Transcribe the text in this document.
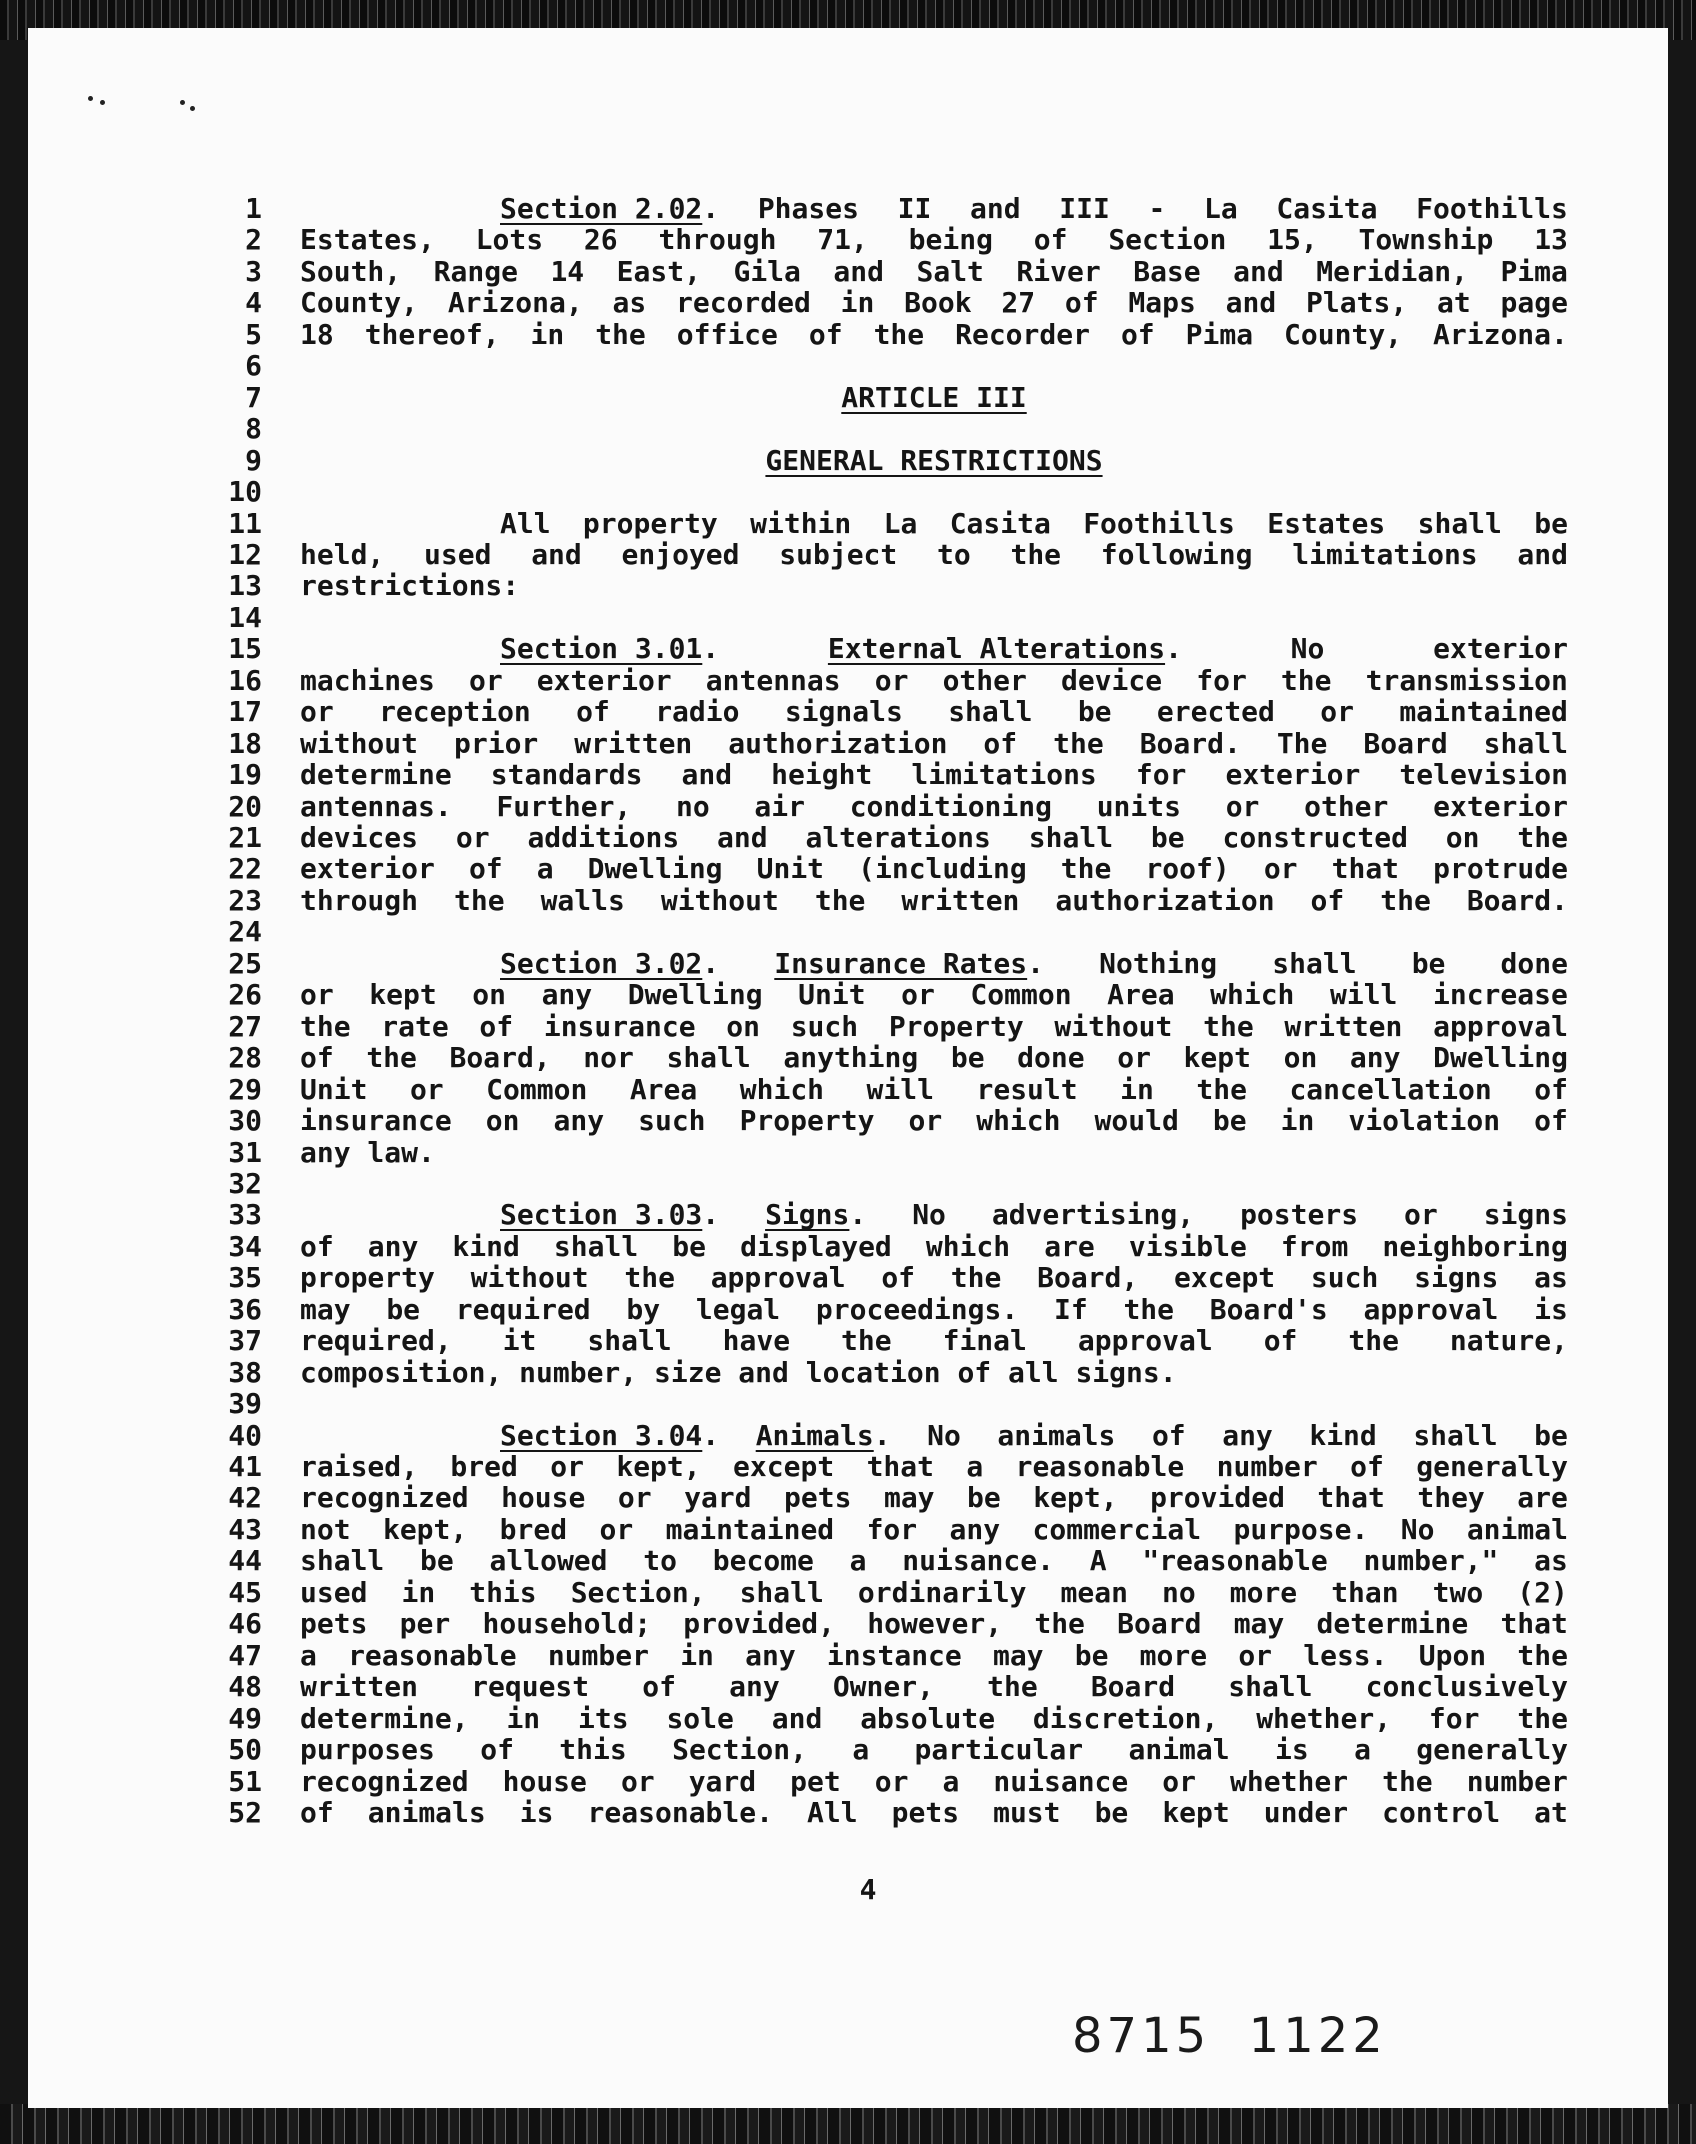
1	Section 2.02. Phases II and III - La Casita Foothills
2 Estates, Lots 26 through 71, being of Section 15, Township 13
3 South, Range 14 East, Gila and Salt River Base and Meridian, Pima
4 County, Arizona, as recorded in Book 27 of Maps and Plats, at page
5 18 thereof, in the office of the Recorder of Pima County, Arizona.
6
7	ARTICLE III
8
9	GENERAL RESTRICTIONS
10
11	All property within La Casita Foothills Estates shall be
12 held, used and enjoyed subject to the following limitations and
13 restrictions:
14
15	Section 3.01.	External Alterations.	No	exterior
16 machines or exterior antennas or other device for the transmission
17 or reception of radio signals shall be erected or maintained
18 without prior written authorization of the Board. The Board shall
19 determine standards and height limitations for exterior television
20 antennas. Further, no air conditioning units or other exterior
21 devices or additions and alterations shall be constructed on the
22 exterior of a Dwelling Unit (including the roof) or that protrude
23 through the walls without the written authorization of the Board.
24
25	Section 3.02. Insurance Rates. Nothing shall be done
26 or kept on any Dwelling Unit or Common Area which will increase
27 the rate of insurance on such Property without the written approval
28 of the Board, nor shall anything be done or kept on any Dwelling
29 Unit or Common Area which will result in the cancellation of
30 insurance on any such Property or which would be in violation of
31 any law.
32
33	Section 3.03. Signs. No advertising, posters or signs
34 of any kind shall be displayed which are visible from neighboring
35 property without the approval of the Board, except such signs as
36 may be required by legal proceedings. If the Board's approval is
37 required, it shall have the final approval of the nature,
38 composition, number, size and location of all signs.
39
40	Section 3.04. Animals. No animals of any kind shall be
41 raised, bred or kept, except that a reasonable number of generally
42 recognized house or yard pets may be kept, provided that they are
43 not kept, bred or maintained for any commercial purpose. No animal
44 shall be allowed to become a nuisance. A "reasonable number," as
45 used in this Section, shall ordinarily mean no more than two (2)
46 pets per household; provided, however, the Board may determine that
47 a reasonable number in any instance may be more or less. Upon the
48 written request of any Owner, the Board shall conclusively
49 determine, in its sole and absolute discretion, whether, for the
50 purposes of this Section, a particular animal is a generally
51 recognized house or yard pet or a nuisance or whether the number
52 of animals is reasonable. All pets must be kept under control at
4
8715  1122
